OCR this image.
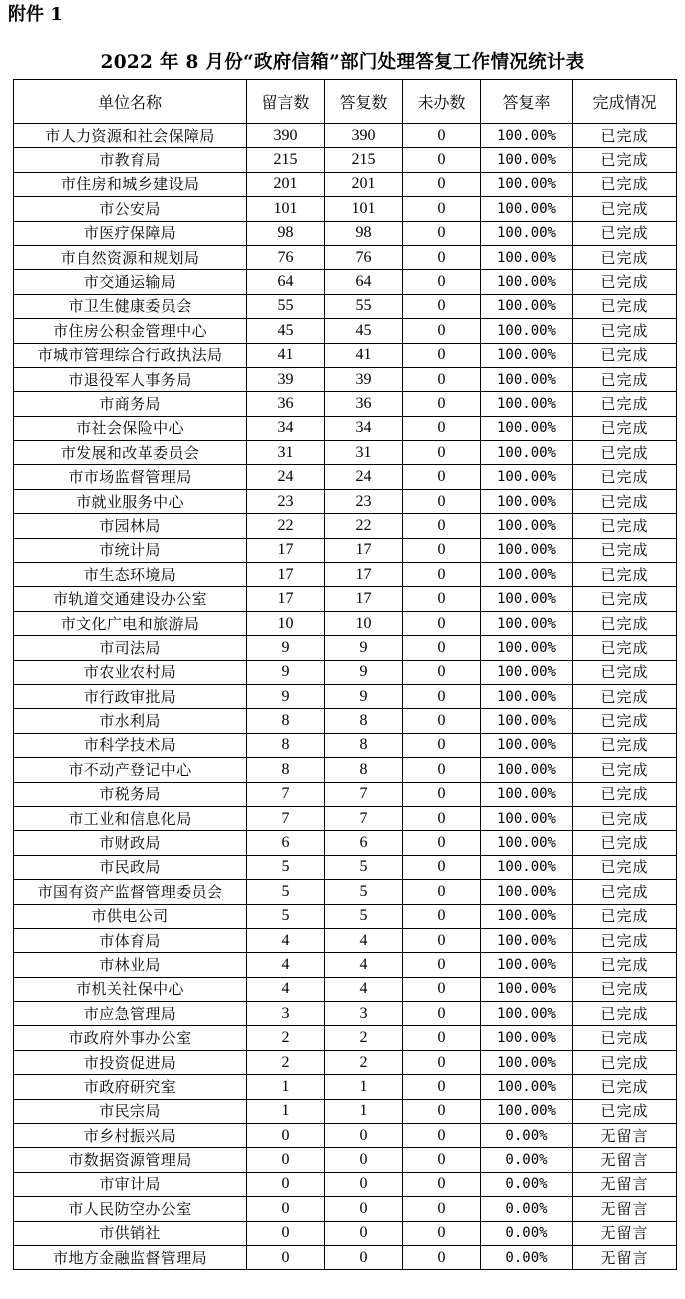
附件 1
2022 年 8 月份“政府信箱”部门处理答复工作情况统计表
单位名称	留言数	答复数	未办数	答复率	完成情况
市人力资源和社会保障局	390	390	0	100.00%	已完成
市教育局	215	215	0	100.00%	已完成
市住房和城乡建设局	201	201	0	100.00%	已完成
市公安局	101	101	0	100.00%	已完成
市医疗保障局	98	98	0	100.00%	已完成
市自然资源和规划局	76	76	0	100.00%	已完成
市交通运输局	64	64	0	100.00%	已完成
市卫生健康委员会	55	55	0	100.00%	已完成
市住房公积金管理中心	45	45	0	100.00%	已完成
市城市管理综合行政执法局	41	41	0	100.00%	已完成
市退役军人事务局	39	39	0	100.00%	已完成
市商务局	36	36	0	100.00%	已完成
市社会保险中心	34	34	0	100.00%	已完成
市发展和改革委员会	31	31	0	100.00%	已完成
市市场监督管理局	24	24	0	100.00%	已完成
市就业服务中心	23	23	0	100.00%	已完成
市园林局	22	22	0	100.00%	已完成
市统计局	17	17	0	100.00%	已完成
市生态环境局	17	17	0	100.00%	已完成
市轨道交通建设办公室	17	17	0	100.00%	已完成
市文化广电和旅游局	10	10	0	100.00%	已完成
市司法局	9	9	0	100.00%	已完成
市农业农村局	9	9	0	100.00%	已完成
市行政审批局	9	9	0	100.00%	已完成
市水利局	8	8	0	100.00%	已完成
市科学技术局	8	8	0	100.00%	已完成
市不动产登记中心	8	8	0	100.00%	已完成
市税务局	7	7	0	100.00%	已完成
市工业和信息化局	7	7	0	100.00%	已完成
市财政局	6	6	0	100.00%	已完成
市民政局	5	5	0	100.00%	已完成
市国有资产监督管理委员会	5	5	0	100.00%	已完成
市供电公司	5	5	0	100.00%	已完成
市体育局	4	4	0	100.00%	已完成
市林业局	4	4	0	100.00%	已完成
市机关社保中心	4	4	0	100.00%	已完成
市应急管理局	3	3	0	100.00%	已完成
市政府外事办公室	2	2	0	100.00%	已完成
市投资促进局	2	2	0	100.00%	已完成
市政府研究室	1	1	0	100.00%	已完成
市民宗局	1	1	0	100.00%	已完成
市乡村振兴局	0	0	0	0.00%	无留言
市数据资源管理局	0	0	0	0.00%	无留言
市审计局	0	0	0	0.00%	无留言
市人民防空办公室	0	0	0	0.00%	无留言
市供销社	0	0	0	0.00%	无留言
市地方金融监督管理局	0	0	0	0.00%	无留言
